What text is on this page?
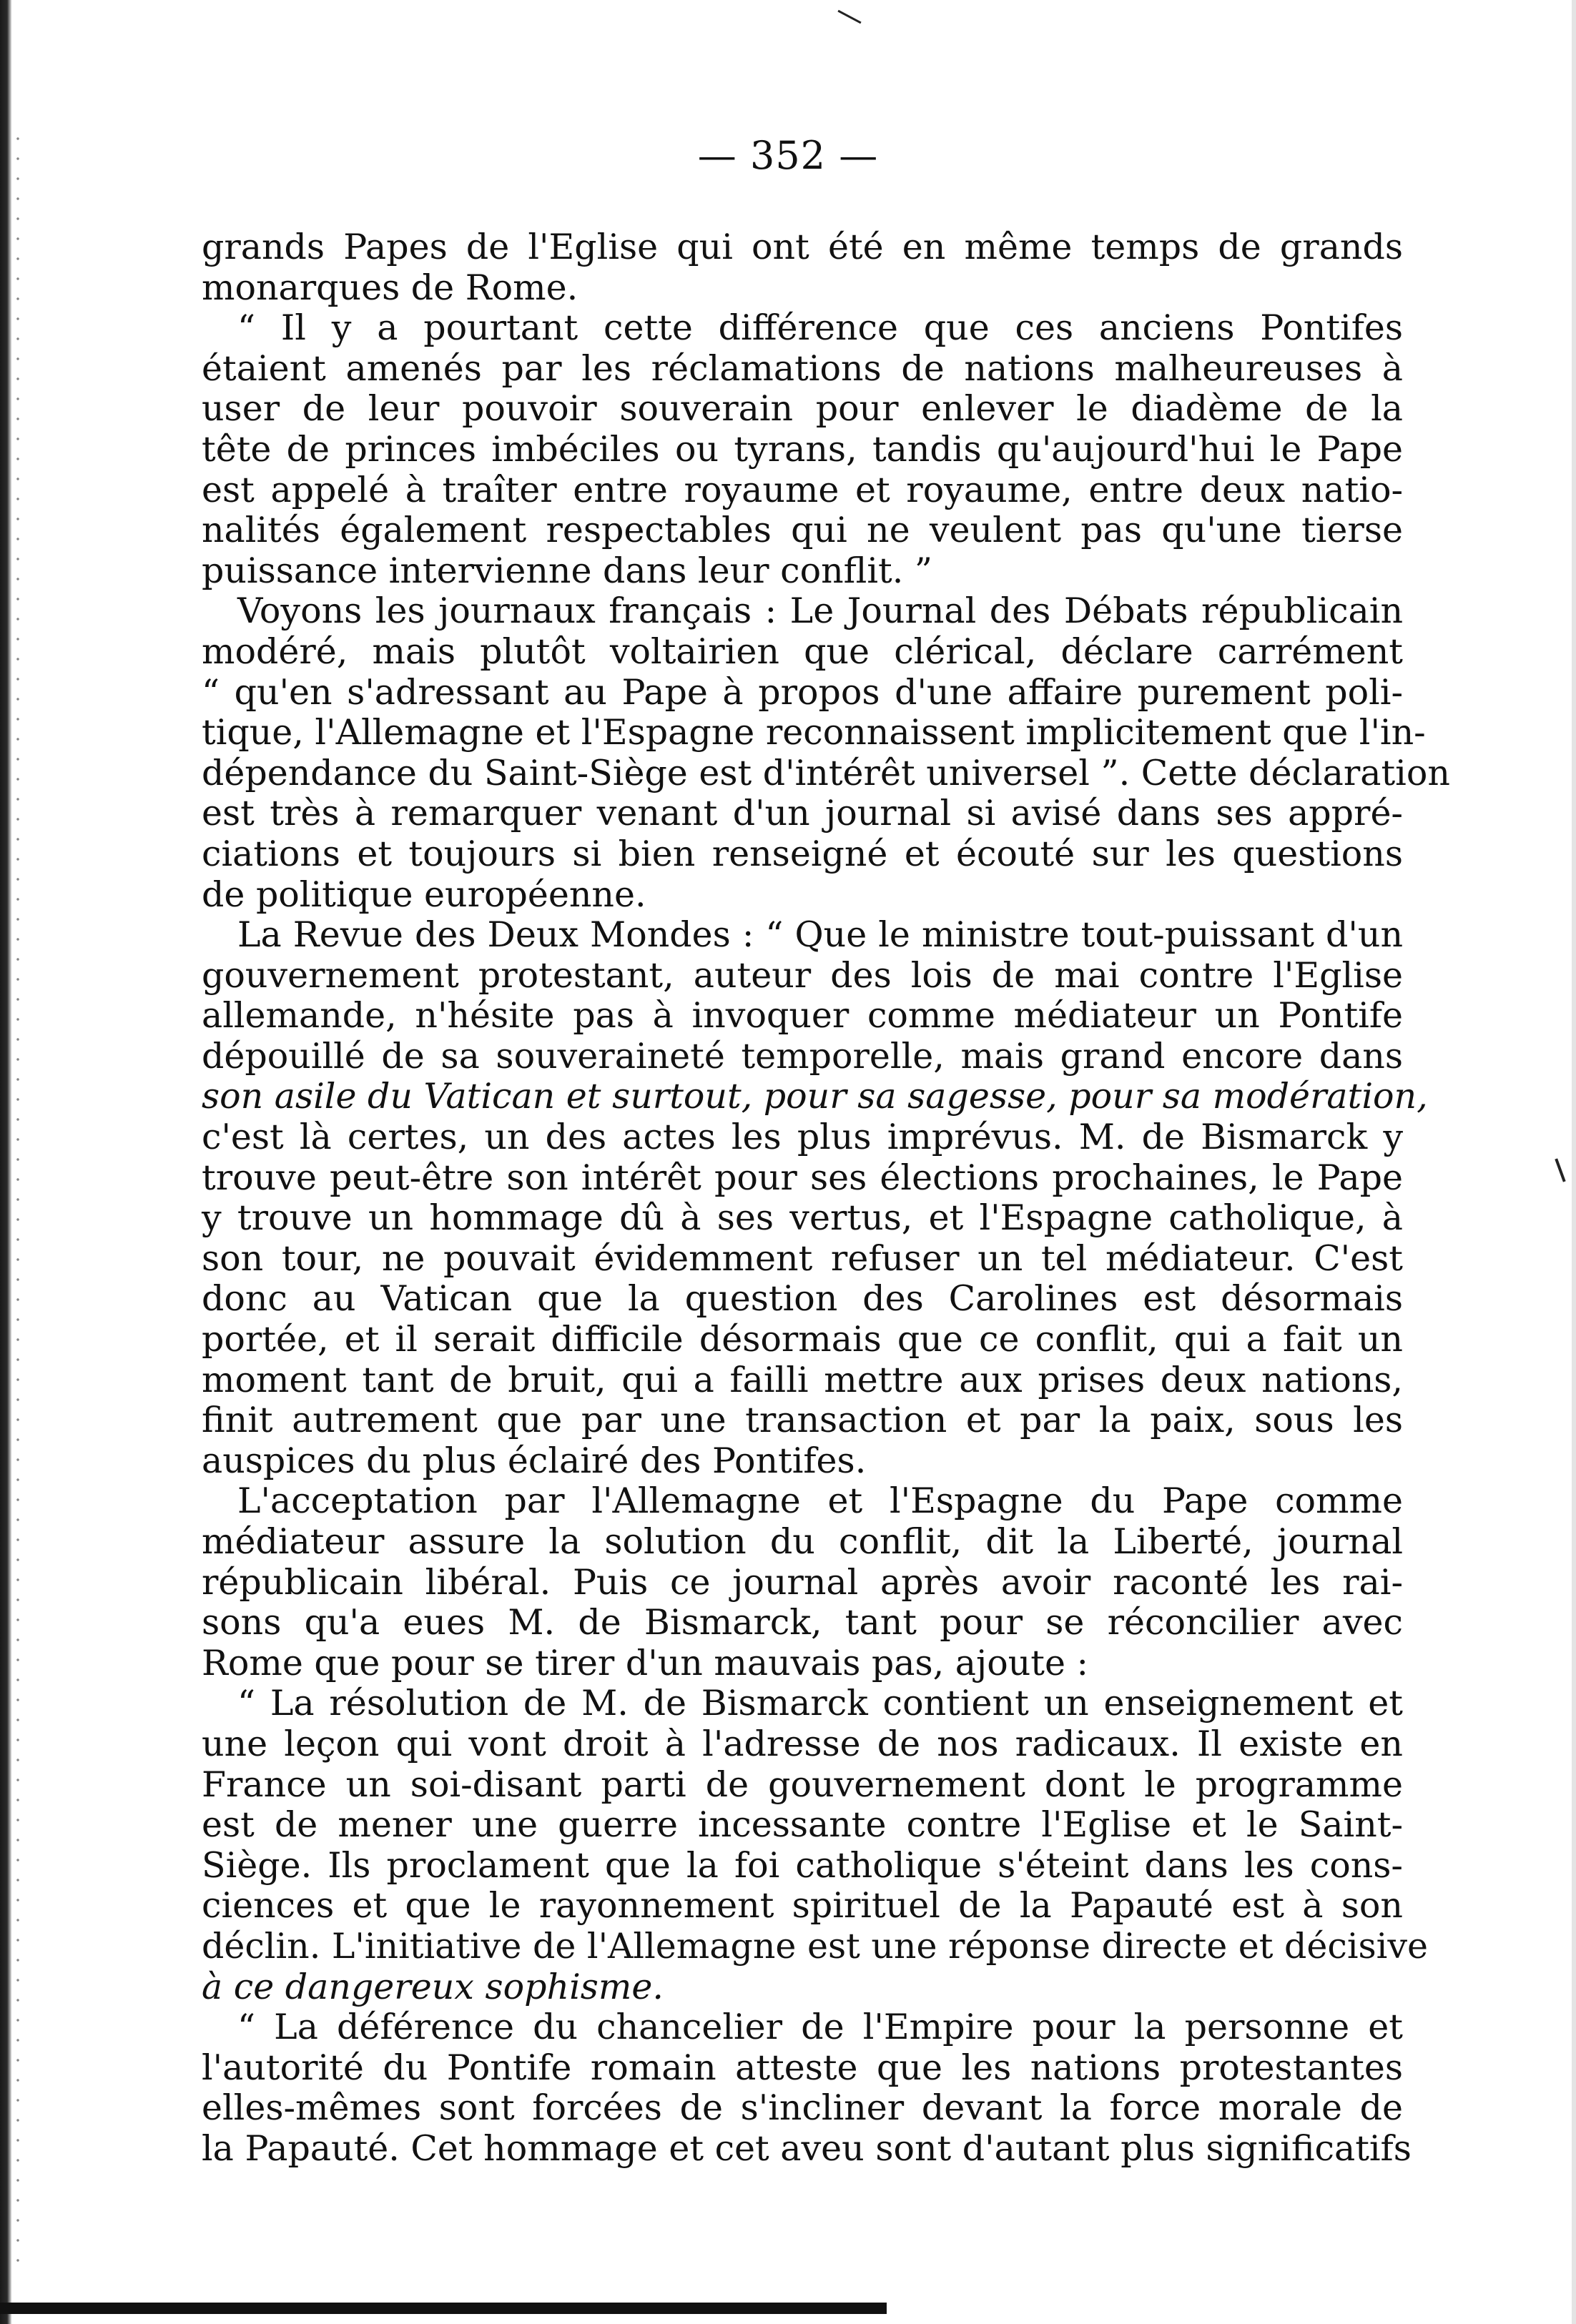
— 352 —
grands Papes de l'Eglise qui ont été en même temps de grands
monarques de Rome.
“ Il y a pourtant cette différence que ces anciens Pontifes
étaient amenés par les réclamations de nations malheureuses à
user de leur pouvoir souverain pour enlever le diadème de la
tête de princes imbéciles ou tyrans, tandis qu'aujourd'hui le Pape
est appelé à traîter entre royaume et royaume, entre deux natio-
nalités également respectables qui ne veulent pas qu'une tierse
puissance intervienne dans leur conflit. ”
Voyons les journaux français : Le Journal des Débats républicain
modéré, mais plutôt voltairien que clérical, déclare carrément
“ qu'en s'adressant au Pape à propos d'une affaire purement poli-
tique, l'Allemagne et l'Espagne reconnaissent implicitement que l'in-
dépendance du Saint-Siège est d'intérêt universel ”. Cette déclaration
est très à remarquer venant d'un journal si avisé dans ses appré-
ciations et toujours si bien renseigné et écouté sur les questions
de politique européenne.
La Revue des Deux Mondes : “ Que le ministre tout-puissant d'un
gouvernement protestant, auteur des lois de mai contre l'Eglise
allemande, n'hésite pas à invoquer comme médiateur un Pontife
dépouillé de sa souveraineté temporelle, mais grand encore dans
son asile du Vatican et surtout, pour sa sagesse, pour sa modération,
c'est là certes, un des actes les plus imprévus. M. de Bismarck y
trouve peut-être son intérêt pour ses élections prochaines, le Pape
y trouve un hommage dû à ses vertus, et l'Espagne catholique, à
son tour, ne pouvait évidemment refuser un tel médiateur. C'est
donc au Vatican que la question des Carolines est désormais
portée, et il serait difficile désormais que ce conflit, qui a fait un
moment tant de bruit, qui a failli mettre aux prises deux nations,
finit autrement que par une transaction et par la paix, sous les
auspices du plus éclairé des Pontifes.
L'acceptation par l'Allemagne et l'Espagne du Pape comme
médiateur assure la solution du conflit, dit la Liberté, journal
républicain libéral. Puis ce journal après avoir raconté les rai-
sons qu'a eues M. de Bismarck, tant pour se réconcilier avec
Rome que pour se tirer d'un mauvais pas, ajoute :
“ La résolution de M. de Bismarck contient un enseignement et
une leçon qui vont droit à l'adresse de nos radicaux. Il existe en
France un soi-disant parti de gouvernement dont le programme
est de mener une guerre incessante contre l'Eglise et le Saint-
Siège. Ils proclament que la foi catholique s'éteint dans les cons-
ciences et que le rayonnement spirituel de la Papauté est à son
déclin. L'initiative de l'Allemagne est une réponse directe et décisive
à ce dangereux sophisme.
“ La déférence du chancelier de l'Empire pour la personne et
l'autorité du Pontife romain atteste que les nations protestantes
elles-mêmes sont forcées de s'incliner devant la force morale de
la Papauté. Cet hommage et cet aveu sont d'autant plus significatifs
